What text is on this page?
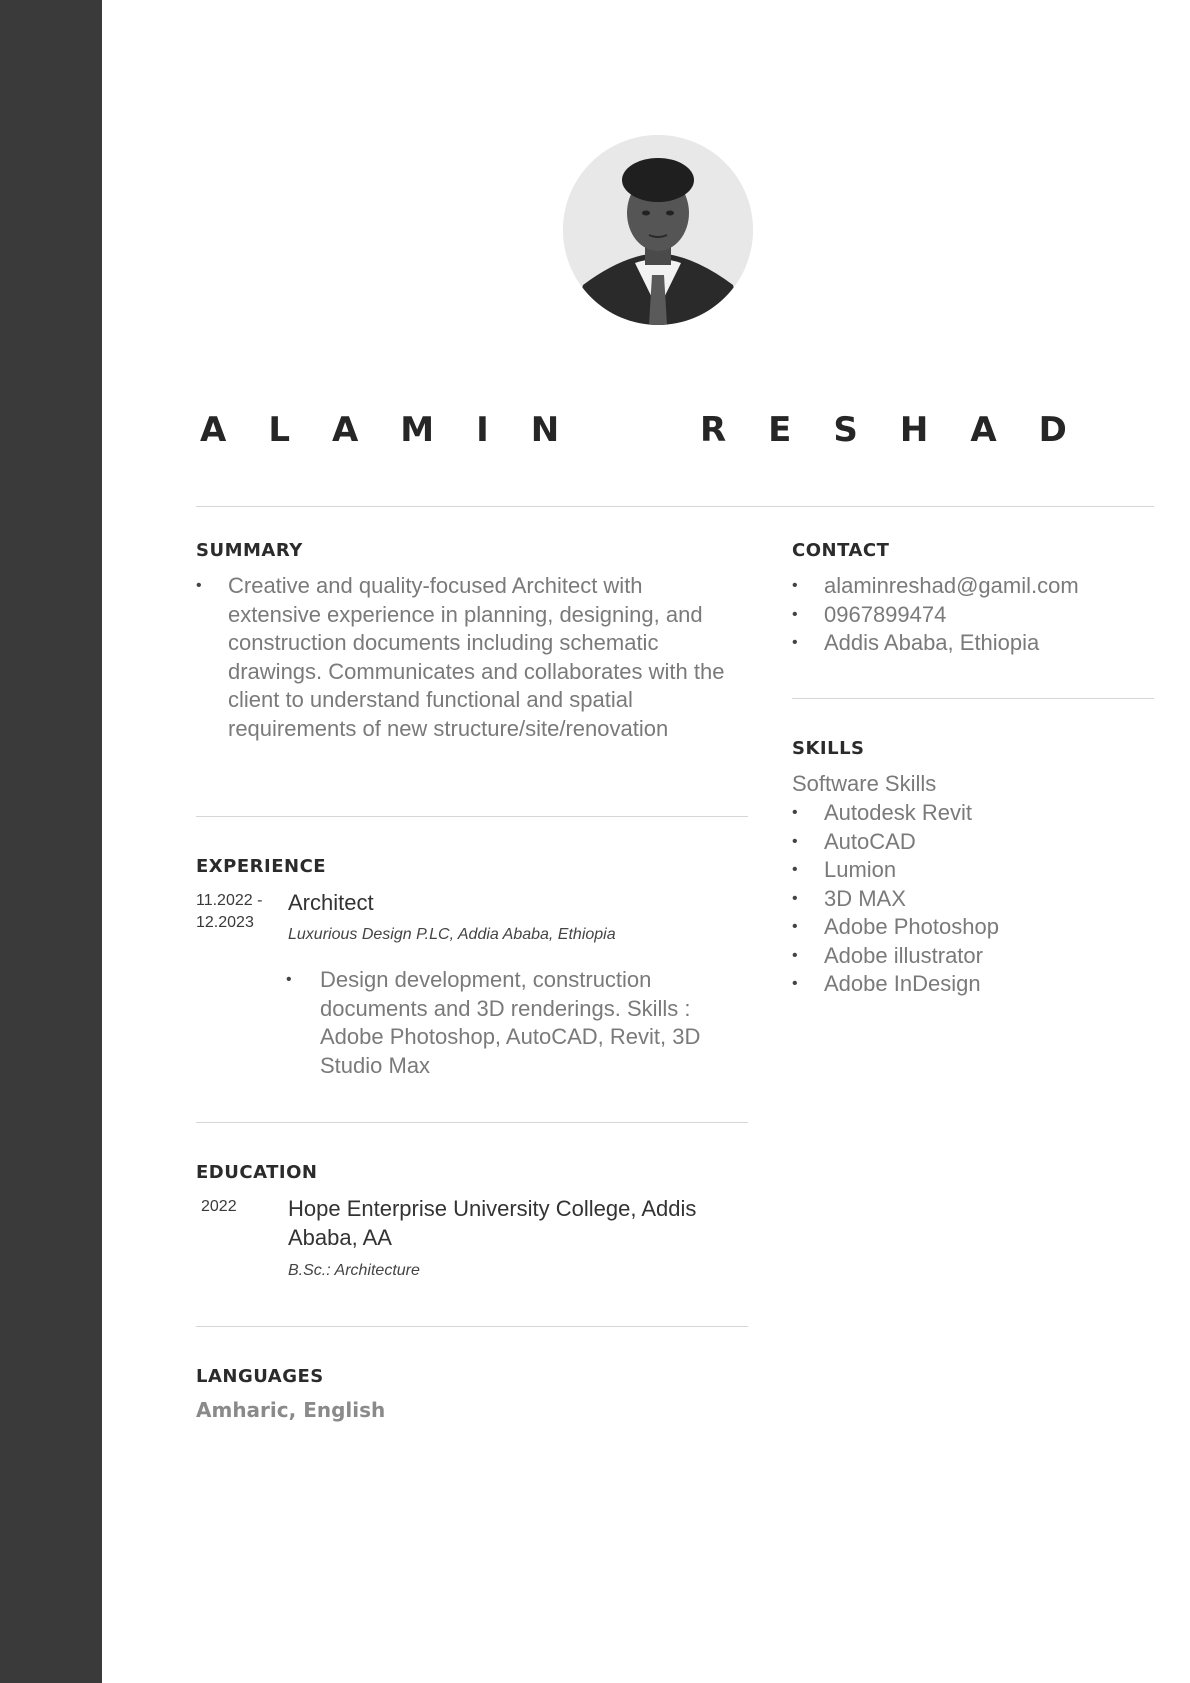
ALAMIN	RESHAD
SUMMARY
• Creative and quality-focused Architect with extensive experience in planning, designing, and construction documents including schematic drawings. Communicates and collaborates with the client to understand functional and spatial requirements of new structure/site/renovation
EXPERIENCE
11.2022 -
12.2023
Architect
Luxurious Design P.LC, Addia Ababa, Ethiopia
• Design development, construction documents and 3D renderings. Skills : Adobe Photoshop, AutoCAD, Revit, 3D Studio Max
EDUCATION
2022 Hope Enterprise University College, Addis Ababa, AA
B.Sc.: Architecture
LANGUAGES
Amharic, English
CONTACT
• alaminreshad@gamil.com
• 0967899474
• Addis Ababa, Ethiopia
SKILLS
Software Skills
• Autodesk Revit
• AutoCAD
• Lumion
• 3D MAX
• Adobe Photoshop
• Adobe illustrator
• Adobe InDesign
